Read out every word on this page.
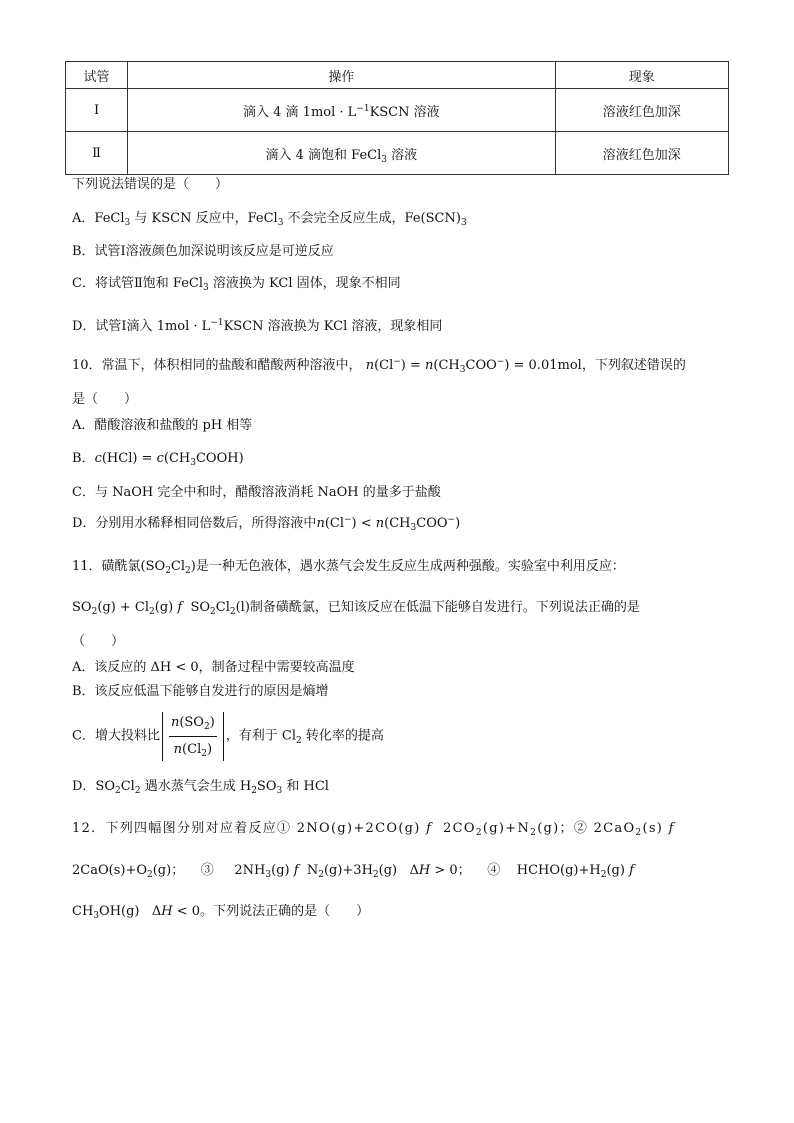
试管	操作	现象
Ⅰ	滴入 4 滴 $1mol \cdot L^{-1}KSCN$ 溶液	溶液红色加深
Ⅱ	滴入 4 滴饱和 FeCl$_3$ 溶液	溶液红色加深
下列说法错误的是（　　）
A．FeCl$_3$ 与 KSCN 反应中，FeCl$_3$ 不会完全反应生成，$Fe(SCN)_3$
B．试管Ⅰ溶液颜色加深说明该反应是可逆反应
C．将试管Ⅱ饱和 FeCl$_3$ 溶液换为 KCl 固体，现象不相同
D．试管Ⅰ滴入 $1mol \cdot L^{-1}KSCN$ 溶液换为 KCl 溶液，现象相同
10．常温下，体积相同的盐酸和醋酸两种溶液中， $n(Cl^-) = n(CH_3COO^-) = 0.01mol$，下列叙述错误的
是（　　）
A．醋酸溶液和盐酸的 pH 相等
B．$c(HCl) = c(CH_3COOH)$
C．与 NaOH 完全中和时，醋酸溶液消耗 NaOH 的量多于盐酸
D．分别用水稀释相同倍数后，所得溶液中$n(Cl^-) < n(CH_3COO^-)$
11．磺酰氯$(SO_2Cl_2)$是一种无色液体，遇水蒸气会发生反应生成两种强酸。实验室中利用反应：
$SO_2(g) + Cl_2(g)$ f  $SO_2Cl_2(l)$制备磺酰氯，已知该反应在低温下能够自发进行。下列说法正确的是
（　　）
A．该反应的 ΔH < 0，制备过程中需要较高温度
B．该反应低温下能够自发进行的原因是熵增
C．增大投料比 $\frac{n(SO_2)}{n(Cl_2)}$ ，有利于 $Cl_2$ 转化率的提高
D．$SO_2Cl_2$ 遇水蒸气会生成 $H_2SO_3$ 和 HCl
12．下列四幅图分别对应着反应① 2NO(g)+2CO(g) f  $2CO_2(g)+N_2(g)$；② 2CaO$_2$(s) f
$2CaO(s)+O_2(g)$；    ③     $2NH_3(g)$ f  $N_2(g)+3H_2(g) \Delta H > 0$；    ④    $HCHO(g)+H_2(g)$ f
$CH_3OH(g) \Delta H < 0$。下列说法正确的是（　　）
